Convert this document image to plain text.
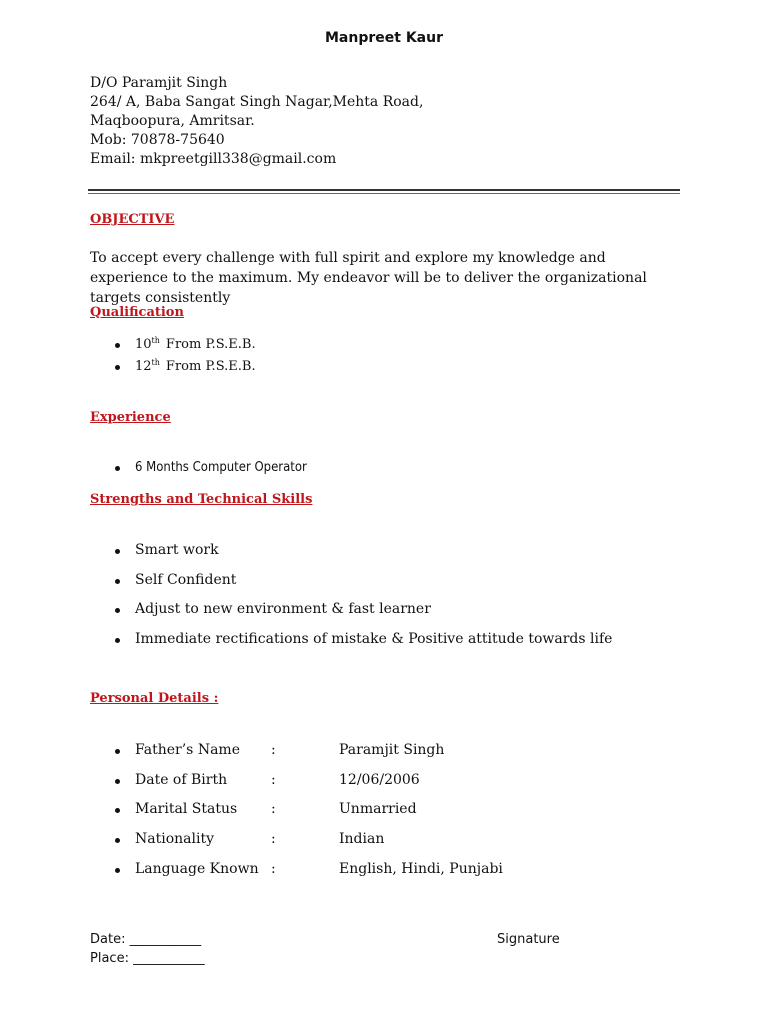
Manpreet Kaur
D/O Paramjit Singh
264/ A, Baba Sangat Singh Nagar,Mehta Road,
Maqboopura, Amritsar.
Mob: 70878-75640
Email: mkpreetgill338@gmail.com
OBJECTIVE
To accept every challenge with full spirit and explore my knowledge and experience to the maximum. My endeavor will be to deliver the organizational targets consistently
Qualification
10th From P.S.E.B.
12th From P.S.E.B.
Experience
6 Months Computer Operator
Strengths and Technical Skills
Smart work
Self Confident
Adjust to new environment & fast learner
Immediate rectifications of mistake & Positive attitude towards life
Personal Details :
Father’s Name :	Paramjit Singh
Date of Birth	:	12/06/2006
Marital Status :	Unmarried
Nationality	:	Indian
Language Known :	English, Hindi, Punjabi
Date: ___________
Place: ___________
Signature
